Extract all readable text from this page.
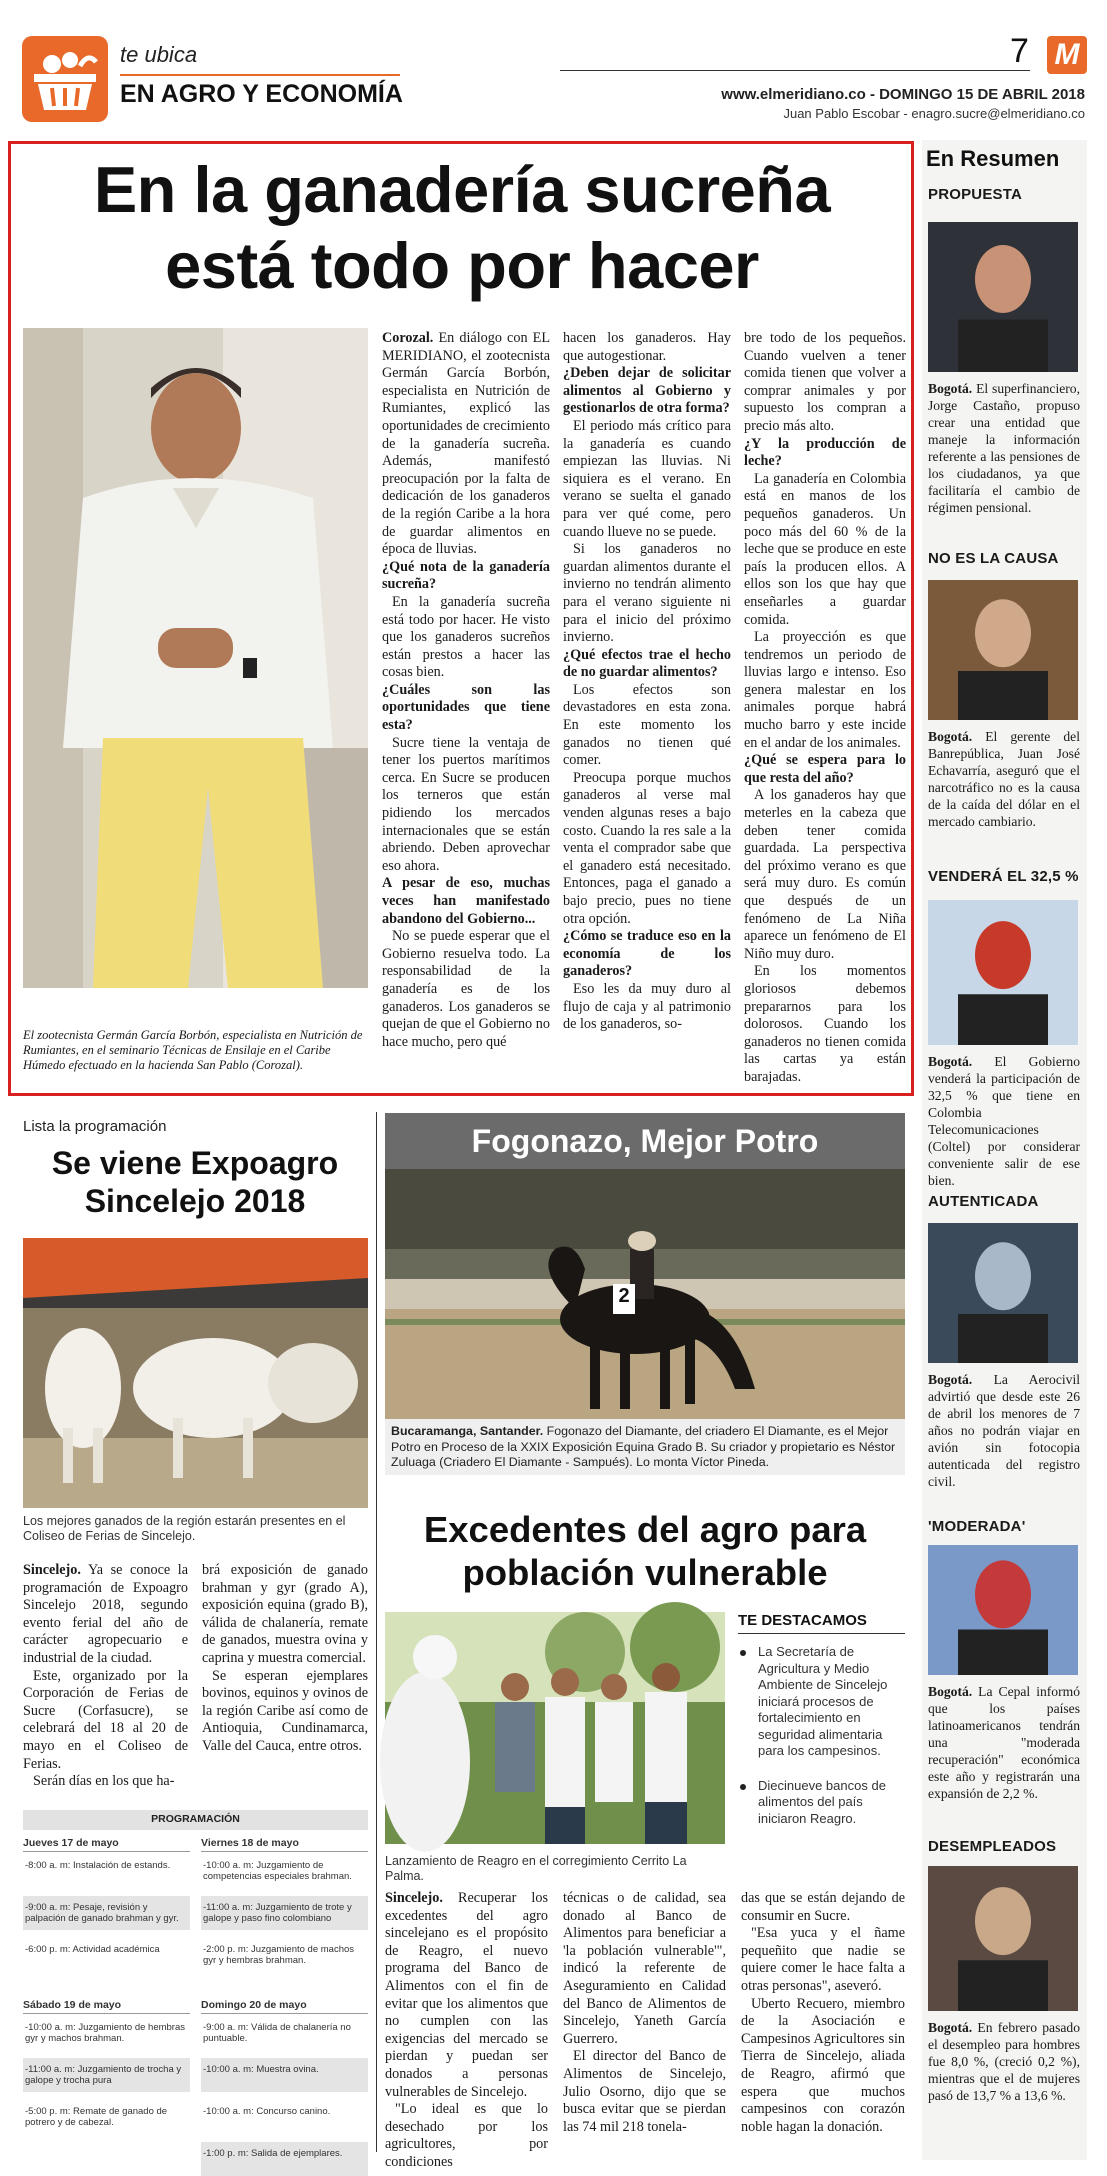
te ubica
EN AGRO Y ECONOMÍA
7 M
www.elmeridiano.co - DOMINGO 15 DE ABRIL 2018
Juan Pablo Escobar - enagro.sucre@elmeridiano.co
En la ganadería sucreña
está todo por hacer
El zootecnista Germán García Borbón, especialista en Nutrición de Rumiantes, en el seminario Técnicas de Ensilaje en el Caribe Húmedo efectuado en la hacienda San Pablo (Corozal).

Corozal. En diálogo con EL MERIDIANO, el zootecnista Germán García Borbón, especialista en Nutrición de Rumiantes, explicó las oportunidades de crecimiento de la ganadería sucreña. Además, manifestó preocupación por la falta de dedicación de los ganaderos de la región Caribe a la hora de guardar alimentos en época de lluvias.

¿Qué nota de la ganadería sucreña?

En la ganadería sucreña está todo por hacer. He visto que los ganaderos sucreños están prestos a hacer las cosas bien.

¿Cuáles son las oportunidades que tiene esta?

Sucre tiene la ventaja de tener los puertos marítimos cerca. En Sucre se producen los terneros que están pidiendo los mercados internacionales que se están abriendo. Deben aprovechar eso ahora.

A pesar de eso, muchas veces han manifestado abandono del Gobierno...

No se puede esperar que el Gobierno resuelva todo. La responsabilidad de la ganadería es de los ganaderos. Los ganaderos se quejan de que el Gobierno no hace mucho, pero qué

hacen los ganaderos. Hay que autogestionar.

¿Deben dejar de solicitar alimentos al Gobierno y gestionarlos de otra forma?

El periodo más crítico para la ganadería es cuando empiezan las lluvias. Ni siquiera es el verano. En verano se suelta el ganado para ver qué come, pero cuando llueve no se puede.

Si los ganaderos no guardan alimentos durante el invierno no tendrán alimento para el verano siguiente ni para el inicio del próximo invierno.

¿Qué efectos trae el hecho de no guardar alimentos?

Los efectos son devastadores en esta zona. En este momento los ganados no tienen qué comer.

Preocupa porque muchos ganaderos al verse mal venden algunas reses a bajo costo. Cuando la res sale a la venta el comprador sabe que el ganadero está necesitado. Entonces, paga el ganado a bajo precio, pues no tiene otra opción.

¿Cómo se traduce eso en la economía de los ganaderos?

Eso les da muy duro al flujo de caja y al patrimonio de los ganaderos, so-

bre todo de los pequeños. Cuando vuelven a tener comida tienen que volver a comprar animales y por supuesto los compran a precio más alto.

¿Y la producción de leche?

La ganadería en Colombia está en manos de los pequeños ganaderos. Un poco más del 60 % de la leche que se produce en este país la producen ellos. A ellos son los que hay que enseñarles a guardar comida.

La proyección es que tendremos un periodo de lluvias largo e intenso. Eso genera malestar en los animales porque habrá mucho barro y este incide en el andar de los animales.

¿Qué se espera para lo que resta del año?

A los ganaderos hay que meterles en la cabeza que deben tener comida guardada. La perspectiva del próximo verano es que será muy duro. Es común que después de un fenómeno de La Niña aparece un fenómeno de El Niño muy duro.

En los momentos gloriosos debemos prepararnos para los dolorosos. Cuando los ganaderos no tienen comida las cartas ya están barajadas.

Lista la programación
Se viene Expoagro
Sincelejo 2018
Los mejores ganados de la región estarán presentes en el Coliseo de Ferias de Sincelejo.

Sincelejo. Ya se conoce la programación de Expoagro Sincelejo 2018, segundo evento ferial del año de carácter agropecuario e industrial de la ciudad.

Este, organizado por la Corporación de Ferias de Sucre (Corfasucre), se celebrará del 18 al 20 de mayo en el Coliseo de Ferias.

Serán días en los que ha-

brá exposición de ganado brahman y gyr (grado A), exposición equina (grado B), válida de chalanería, remate de ganados, muestra ovina y caprina y muestra comercial.

Se esperan ejemplares bovinos, equinos y ovinos de la región Caribe así como de Antioquia, Cundinamarca, Valle del Cauca, entre otros.

PROGRAMACIÓN
Jueves 17 de mayo
-8:00 a. m: Instalación de estands.
-9:00 a. m: Pesaje, revisión y palpación de ganado brahman y gyr.
-6:00 p. m: Actividad académica
Viernes 18 de mayo
-10:00 a. m: Juzgamiento de competencias especiales brahman.
-11:00 a. m: Juzgamiento de trote y galope y paso fino colombiano
-2:00 p. m: Juzgamiento de machos gyr y hembras brahman.
Sábado 19 de mayo
-10:00 a. m: Juzgamiento de hembras gyr y machos brahman.
-11:00 a. m: Juzgamiento de trocha y galope y trocha pura
-5:00 p. m: Remate de ganado de potrero y de cabezal.
Domingo 20 de mayo
-9:00 a. m: Válida de chalanería no puntuable.
-10:00 a. m: Muestra ovina.
-10:00 a. m: Concurso canino.
-1:00 p. m: Salida de ejemplares.
Fogonazo, Mejor Potro
2
Bucaramanga, Santander. Fogonazo del Diamante, del criadero El Diamante, es el Mejor Potro en Proceso de la XXIX Exposición Equina Grado B. Su criador y propietario es Néstor Zuluaga (Criadero El Diamante - Sampués). Lo monta Víctor Pineda.
Excedentes del agro para
población vulnerable
Lanzamiento de Reagro en el corregimiento Cerrito La Palma.
TE DESTACAMOS
La Secretaría de Agricultura y Medio Ambiente de Sincelejo iniciará procesos de fortalecimiento en seguridad alimentaria para los campesinos.
Diecinueve bancos de alimentos del país iniciaron Reagro.

Sincelejo. Recuperar los excedentes del agro sincelejano es el propósito de Reagro, el nuevo programa del Banco de Alimentos con el fin de evitar que los alimentos que no cumplen con las exigencias del mercado se pierdan y puedan ser donados a personas vulnerables de Sincelejo.

"Lo ideal es que lo desechado por los agricultores, por condiciones

técnicas o de calidad, sea donado al Banco de Alimentos para beneficiar a 'la población vulnerable'", indicó la referente de Aseguramiento en Calidad del Banco de Alimentos de Sincelejo, Yaneth García Guerrero.

El director del Banco de Alimentos de Sincelejo, Julio Osorno, dijo que se busca evitar que se pierdan las 74 mil 218 tonela-

das que se están dejando de consumir en Sucre.

"Esa yuca y el ñame pequeñito que nadie se quiere comer le hace falta a otras personas", aseveró.

Uberto Recuero, miembro de la Asociación e Campesinos Agricultores sin Tierra de Sincelejo, aliada de Reagro, afirmó que espera que muchos campesinos con corazón noble hagan la donación.

En Resumen
PROPUESTA
Bogotá. El superfinanciero, Jorge Castaño, propuso crear una entidad que maneje la información referente a las pensiones de los ciudadanos, ya que facilitaría el cambio de régimen pensional.
NO ES LA CAUSA
Bogotá. El gerente del Banrepública, Juan José Echavarría, aseguró que el narcotráfico no es la causa de la caída del dólar en el mercado cambiario.
VENDERÁ EL 32,5 %
Bogotá. El Gobierno venderá la participación de 32,5 % que tiene en Colombia Telecomunicaciones (Coltel) por considerar conveniente salir de ese bien.
AUTENTICADA
Bogotá. La Aerocivil advirtió que desde este 26 de abril los menores de 7 años no podrán viajar en avión sin fotocopia autenticada del registro civil.
'MODERADA'
Bogotá. La Cepal informó que los países latinoamericanos tendrán una "moderada recuperación" económica este año y registrarán una expansión de 2,2 %.
DESEMPLEADOS
Bogotá. En febrero pasado el desempleo para hombres fue 8,0 %, (creció 0,2 %), mientras que el de mujeres pasó de 13,7 % a 13,6 %.
